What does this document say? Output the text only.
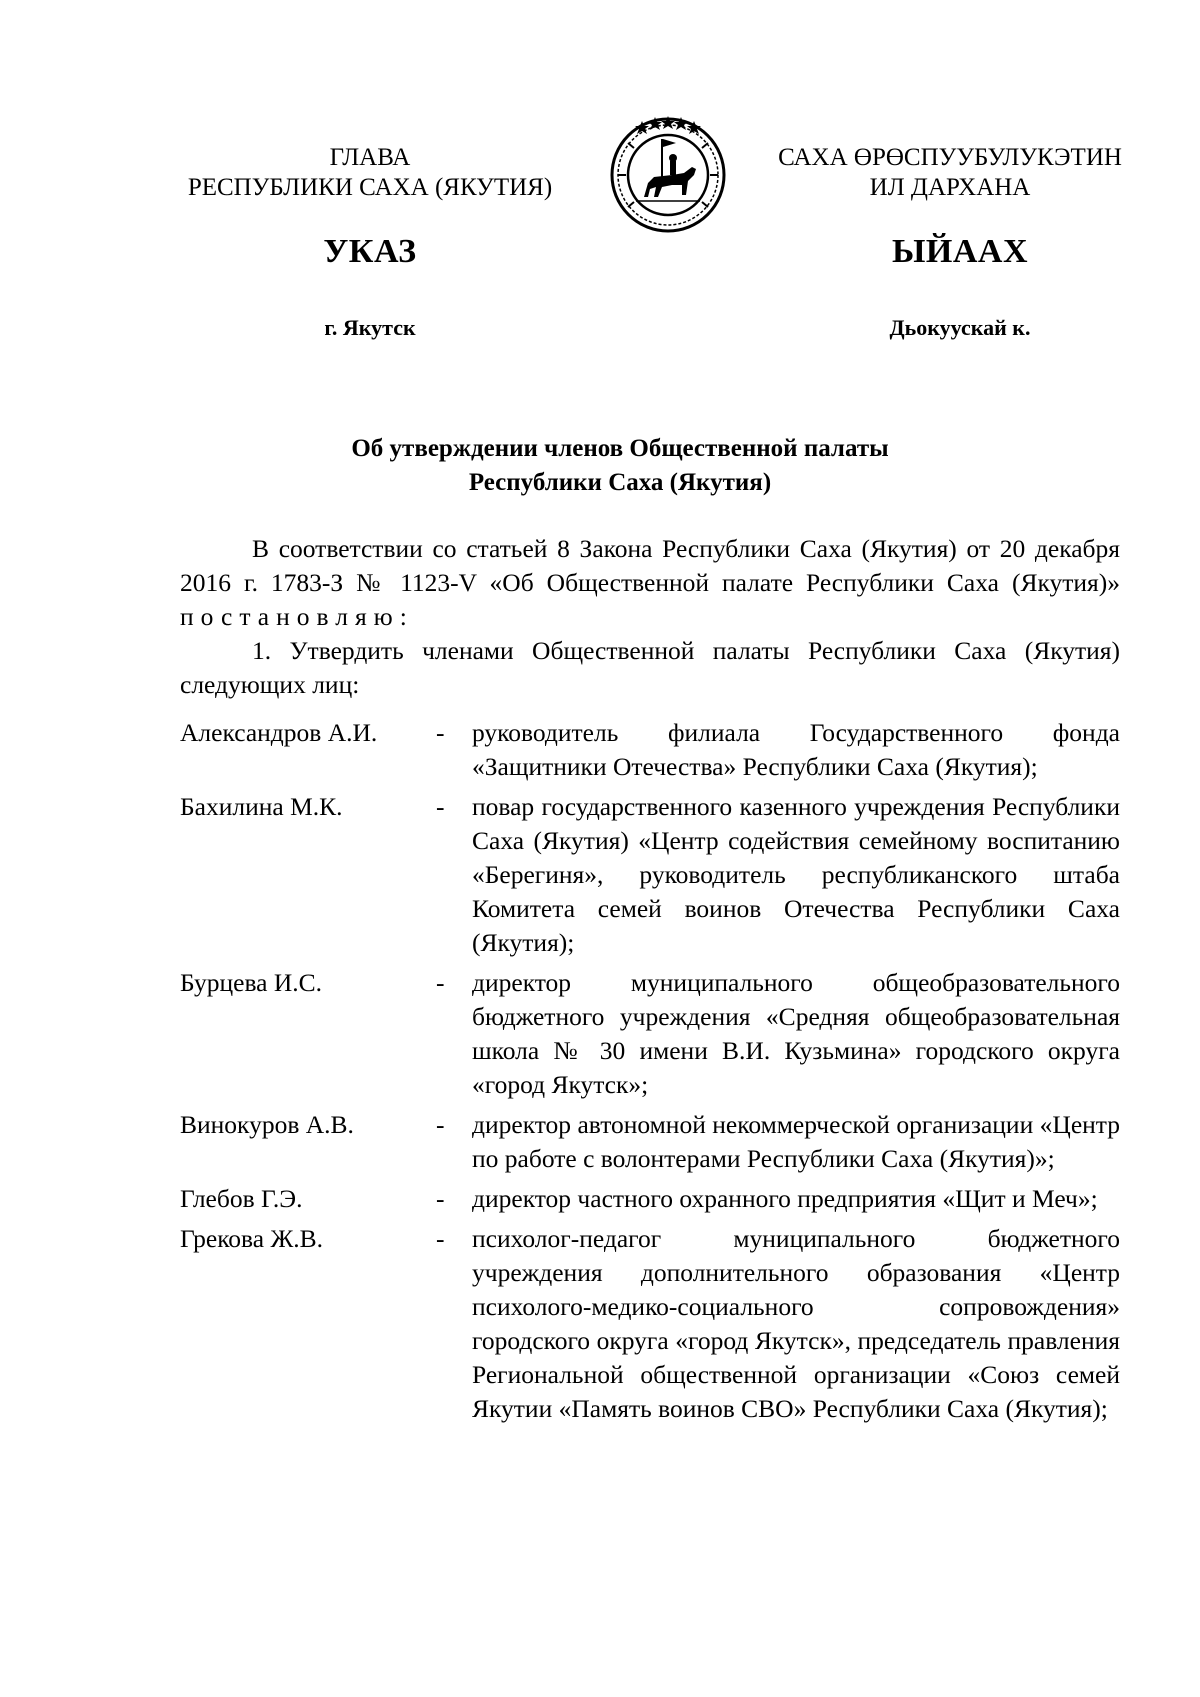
ГЛАВА
РЕСПУБЛИКИ САХА (ЯКУТИЯ)
САХА ӨРӨСПУУБУЛУКЭТИН
ИЛ ДАРХАНА
УКАЗ	ЫЙААХ
г. Якутск	Дьокуускай к.
Об утверждении членов Общественной палаты
Республики Саха (Якутия)

В соответствии со статьей 8 Закона Республики Саха (Якутия) от 20 декабря 2016 г. 1783-З № 1123-V «Об Общественной палате Республики Саха (Якутия)» постановляю:

1. Утвердить членами Общественной палаты Республики Саха (Якутия) следующих лиц:

Александров А.И.	-	руководитель филиала Государственного фонда «Защитники Отечества» Республики Саха (Якутия);
Бахилина М.К.	-	повар государственного казенного учреждения Республики Саха (Якутия) «Центр содействия семейному воспитанию «Берегиня», руководитель республиканского штаба Комитета семей воинов Отечества Республики Саха (Якутия);
Бурцева И.С.	-	директор муниципального общеобразовательного бюджетного учреждения «Средняя общеобразовательная школа № 30 имени В.И. Кузьмина» городского округа «город Якутск»;
Винокуров А.В.	-	директор автономной некоммерческой организации «Центр по работе с волонтерами Республики Саха (Якутия)»;
Глебов Г.Э.	-	директор частного охранного предприятия «Щит и Меч»;
Грекова Ж.В.	-	психолог-педагог муниципального бюджетного учреждения дополнительного образования «Центр психолого-медико-социального сопровождения» городского округа «город Якутск», председатель правления Региональной общественной организации «Союз семей Якутии «Память воинов СВО» Республики Саха (Якутия);
